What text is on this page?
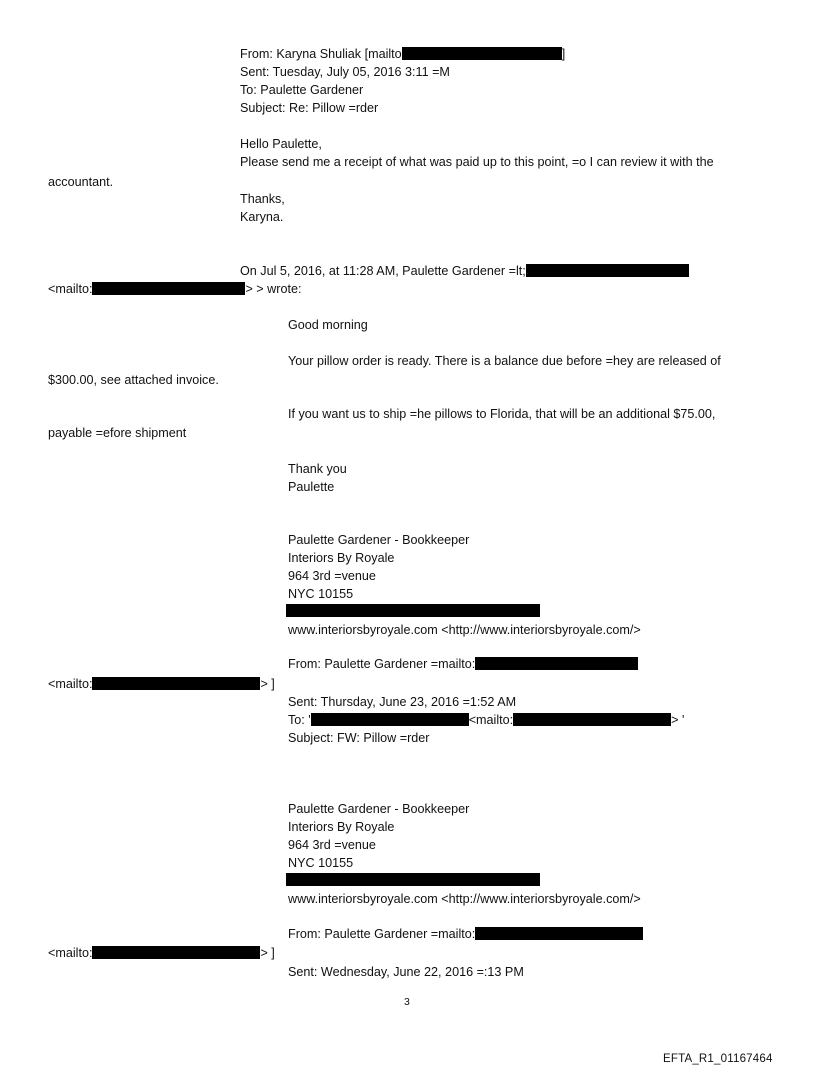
From: Karyna Shuliak [mailto	]
Sent: Tuesday, July 05, 2016 3:11 =M
To: Paulette Gardener
Subject: Re: Pillow =rder
Hello Paulette,
Please send me a receipt of what was paid up to this point, =o I can review it with the
accountant.
Thanks,
Karyna.
On Jul 5, 2016, at 11:28 AM, Paulette Gardener =lt;
<mailto:	> > wrote:
Good morning
Your pillow order is ready. There is a balance due before =hey are released of
$300.00, see attached invoice.
If you want us to ship =he pillows to Florida, that will be an additional $75.00,
payable =efore shipment
Thank you
Paulette
Paulette Gardener - Bookkeeper
Interiors By Royale
964 3rd =venue
NYC 10155
www.interiorsbyroyale.com <http://www.interiorsbyroyale.com/>
From: Paulette Gardener =mailto:
<mailto:	> ]
Sent: Thursday, June 23, 2016 =1:52 AM
To: '	<mailto:	> '
Subject: FW: Pillow =rder
Paulette Gardener - Bookkeeper
Interiors By Royale
964 3rd =venue
NYC 10155
www.interiorsbyroyale.com <http://www.interiorsbyroyale.com/>
From: Paulette Gardener =mailto:
<mailto:	> ]
Sent: Wednesday, June 22, 2016 =:13 PM
3
EFTA_R1_01167464
